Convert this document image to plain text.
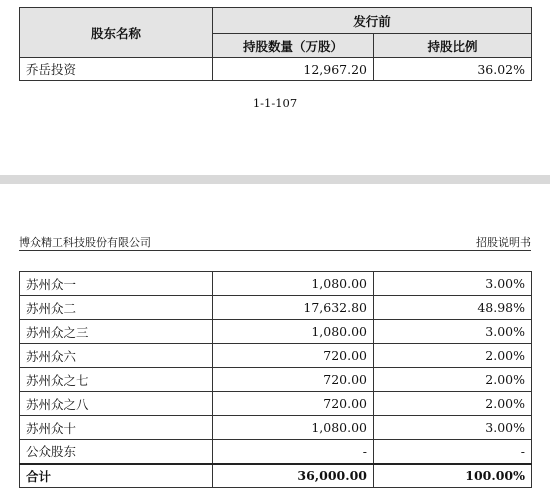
股东名称	发行前	
	持股数量（万股）	持股比例
乔岳投资	12,967.20	36.02%
1-1-107
博众精工科技股份有限公司	招股说明书
苏州众一	1,080.00	3.00%
苏州众二	17,632.80	48.98%
苏州众之三	1,080.00	3.00%
苏州众六	720.00	2.00%
苏州众之七	720.00	2.00%
苏州众之八	720.00	2.00%
苏州众十	1,080.00	3.00%
公众股东	-	-
合计	36,000.00	100.00%
